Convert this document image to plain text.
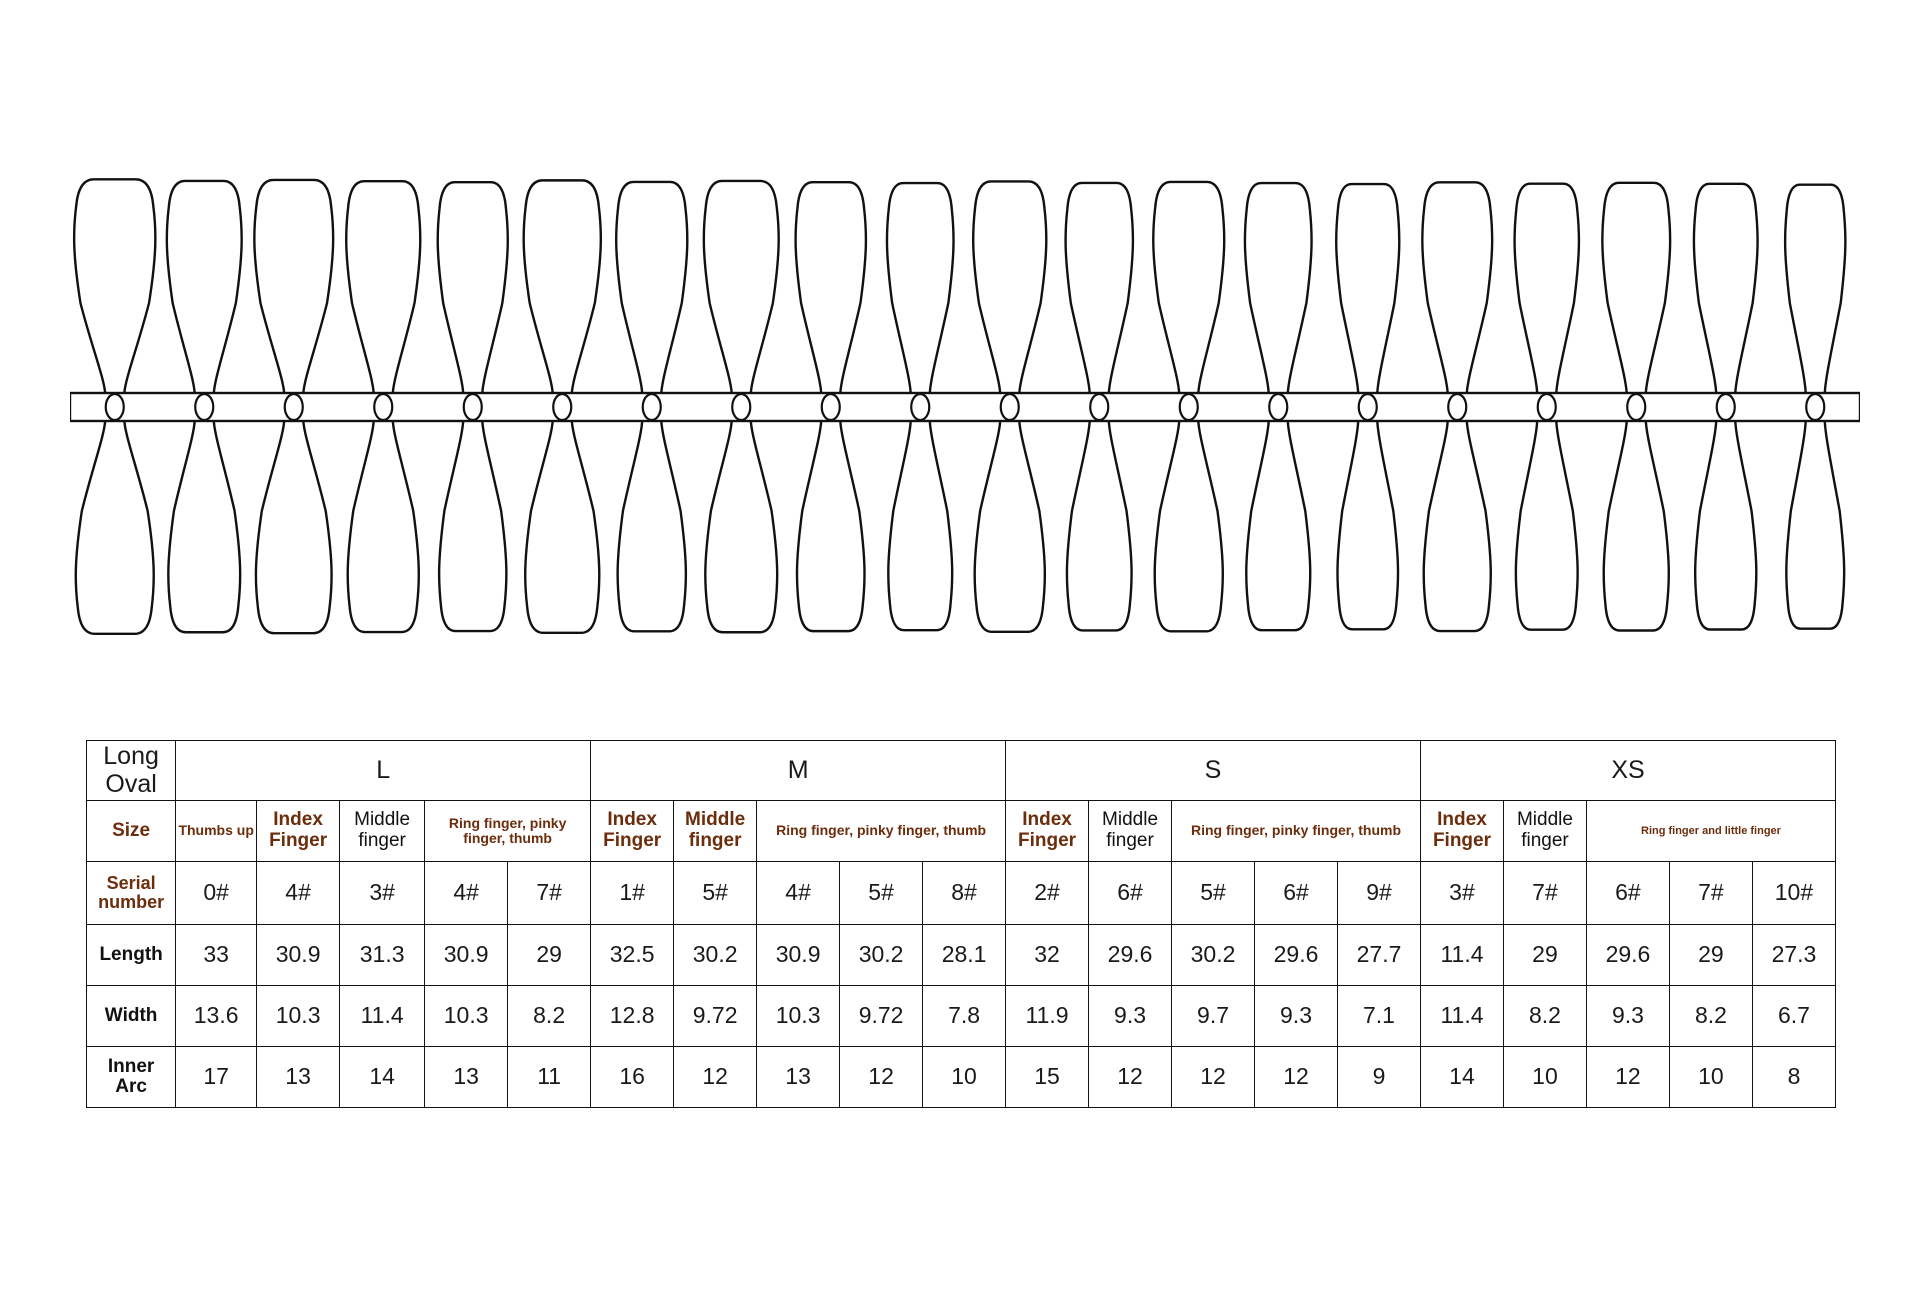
Long Oval	L					M					S					XS				
Size	Thumbs up	Index Finger	Middle finger	Ring finger, pinky finger, thumb		Index Finger	Middle finger	Ring finger, pinky finger, thumb			Index Finger	Middle finger	Ring finger, pinky finger, thumb			Index Finger	Middle finger	Ring finger and little finger		

Serial
number	0#	4#	3#	4#	7#	1#	5#	4#	5#	8#	2#	6#	5#	6#	9#	3#	7#	6#	7#	10#
Length	33	30.9	31.3	30.9	29	32.5	30.2	30.9	30.2	28.1	32	29.6	30.2	29.6	27.7	11.4	29	29.6	29	27.3
Width	13.6	10.3	11.4	10.3	8.2	12.8	9.72	10.3	9.72	7.8	11.9	9.3	9.7	9.3	7.1	11.4	8.2	9.3	8.2	6.7

Inner
Arc	17	13	14	13	11	16	12	13	12	10	15	12	12	12	9	14	10	12	10	8
